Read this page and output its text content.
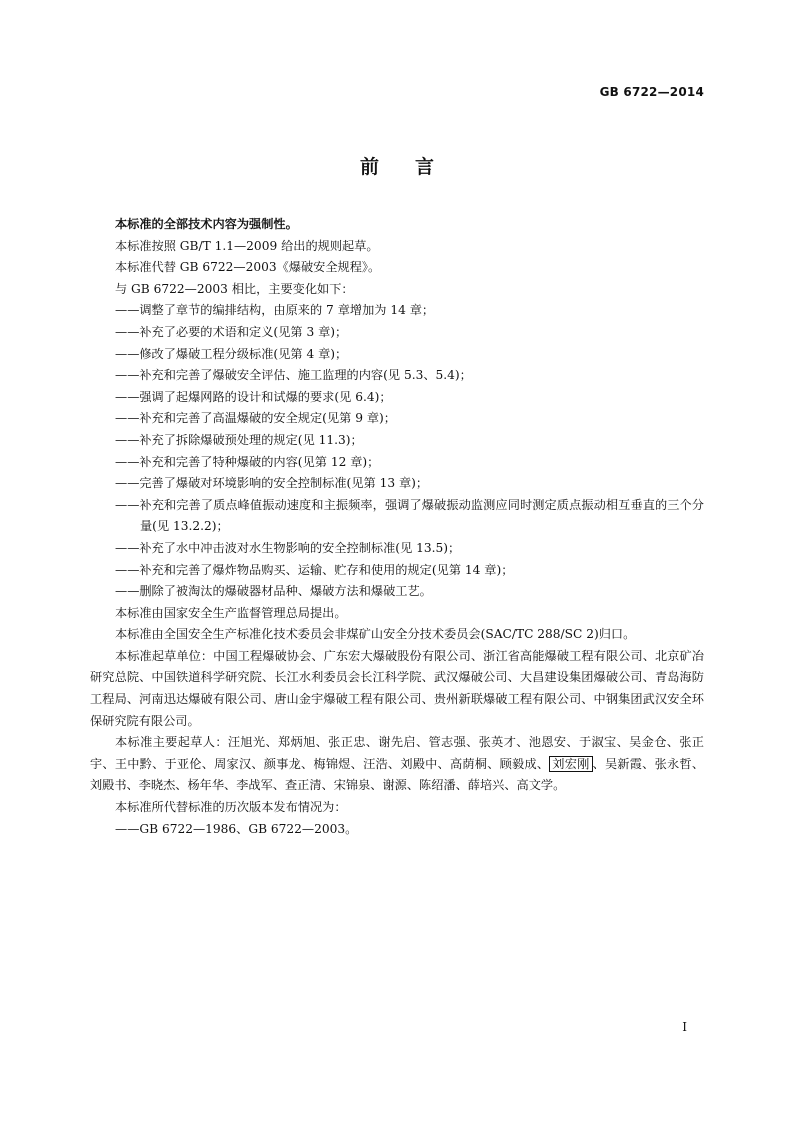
GB 6722—2014

前言

本标准的全部技术内容为强制性。

本标准按照 GB/T 1.1—2009 给出的规则起草。

本标准代替 GB 6722—2003《爆破安全规程》。

与 GB 6722—2003 相比，主要变化如下：

——调整了章节的编排结构，由原来的 7 章增加为 14 章；

——补充了必要的术语和定义(见第 3 章)；

——修改了爆破工程分级标准(见第 4 章)；

——补充和完善了爆破安全评估、施工监理的内容(见 5.3、5.4)；

——强调了起爆网路的设计和试爆的要求(见 6.4)；

——补充和完善了高温爆破的安全规定(见第 9 章)；

——补充了拆除爆破预处理的规定(见 11.3)；

——补充和完善了特种爆破的内容(见第 12 章)；

——完善了爆破对环境影响的安全控制标准(见第 13 章)；

——补充和完善了质点峰值振动速度和主振频率，强调了爆破振动监测应同时测定质点振动相互垂直的三个分量(见 13.2.2)；

——补充了水中冲击波对水生物影响的安全控制标准(见 13.5)；

——补充和完善了爆炸物品购买、运输、贮存和使用的规定(见第 14 章)；

——删除了被淘汰的爆破器材品种、爆破方法和爆破工艺。

本标准由国家安全生产监督管理总局提出。

本标准由全国安全生产标准化技术委员会非煤矿山安全分技术委员会(SAC/TC 288/SC 2)归口。

本标准起草单位：中国工程爆破协会、广东宏大爆破股份有限公司、浙江省高能爆破工程有限公司、北京矿冶研究总院、中国铁道科学研究院、长江水利委员会长江科学院、武汉爆破公司、大昌建设集团爆破公司、青岛海防工程局、河南迅达爆破有限公司、唐山金宇爆破工程有限公司、贵州新联爆破工程有限公司、中钢集团武汉安全环保研究院有限公司。

本标准主要起草人：汪旭光、郑炳旭、张正忠、谢先启、管志强、张英才、池恩安、于淑宝、吴金仓、张正宇、王中黔、于亚伦、周家汉、颜事龙、梅锦煜、汪浩、刘殿中、高荫桐、顾毅成、 刘宏刚 、吴新霞、张永哲、刘殿书、李晓杰、杨年华、李战军、查正清、宋锦泉、谢源、陈绍潘、薛培兴、高文学。

本标准所代替标准的历次版本发布情况为：

——GB 6722—1986、GB 6722—2003。

I
